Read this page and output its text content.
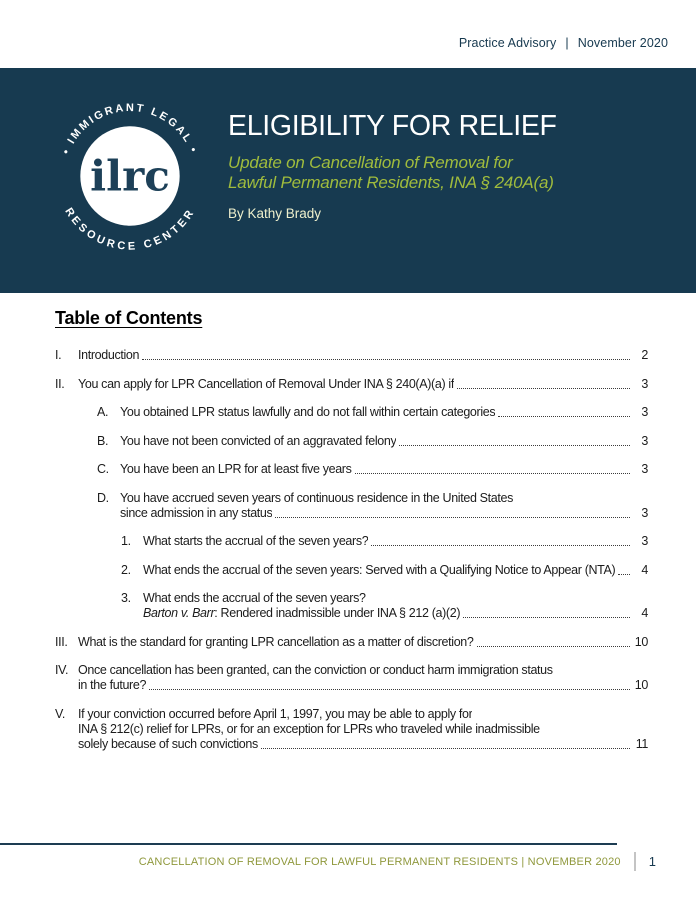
Practice Advisory | November 2020
ilrc
• IMMIGRANT LEGAL •
RESOURCE CENTER
ELIGIBILITY FOR RELIEF
Update on Cancellation of Removal for
Lawful Permanent Residents, INA § 240A(a)
By Kathy Brady
Table of Contents
I.	Introduction	2
II.	You can apply for LPR Cancellation of Removal Under INA § 240(A)(a) if	3
A. You obtained LPR status lawfully and do not fall within certain categories	3
B. You have not been convicted of an aggravated felony	3
C. You have been an LPR for at least five years	3
D. You have accrued seven years of continuous residence in the United States
since admission in any status	3
1. What starts the accrual of the seven years?	3
2. What ends the accrual of the seven years: Served with a Qualifying Notice to Appear (NTA)	4
3. What ends the accrual of the seven years?
Barton v. Barr: Rendered inadmissible under INA § 212 (a)(2)	4
III. What is the standard for granting LPR cancellation as a matter of discretion?	10
IV. Once cancellation has been granted, can the conviction or conduct harm immigration status
in the future?	10
V.	If your conviction occurred before April 1, 1997, you may be able to apply for
INA § 212(c) relief for LPRs, or for an exception for LPRs who traveled while inadmissible
solely because of such convictions	11
CANCELLATION OF REMOVAL FOR LAWFUL PERMANENT RESIDENTS | NOVEMBER 2020 1
